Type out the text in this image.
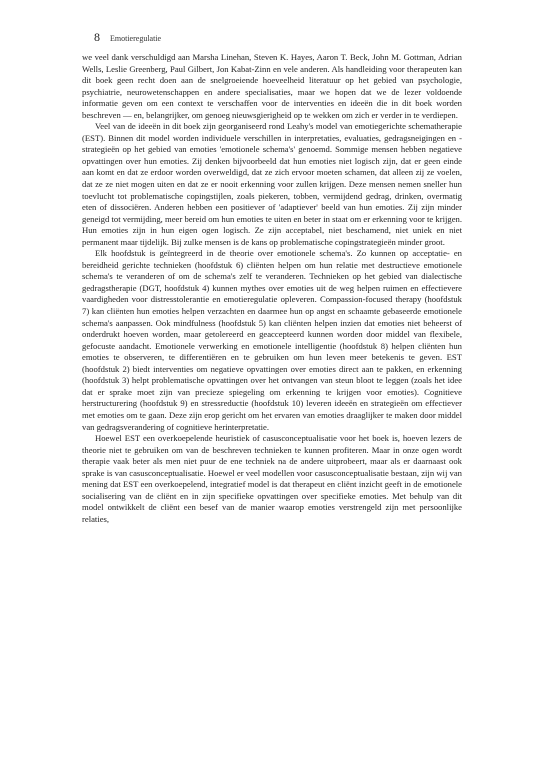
8 Emotieregulatie

we veel dank verschuldigd aan Marsha Linehan, Steven K. Hayes, Aaron T. Beck, John M. Gottman, Adrian Wells, Leslie Greenberg, Paul Gilbert, Jon Kabat-Zinn en vele anderen. Als handleiding voor therapeuten kan dit boek geen recht doen aan de snelgroeiende hoeveelheid literatuur op het gebied van psychologie, psychiatrie, neurowetenschappen en andere specialisaties, maar we hopen dat we de lezer voldoende informatie geven om een context te verschaffen voor de interventies en ideeën die in dit boek worden beschreven — en, belangrijker, om genoeg nieuwsgierigheid op te wekken om zich er verder in te verdiepen.

Veel van de ideeën in dit boek zijn georganiseerd rond Leahy's model van emotiegerichte schematherapie (EST). Binnen dit model worden individuele verschillen in interpretaties, evaluaties, gedragsneigingen en -strategieën op het gebied van emoties 'emotionele schema's' genoemd. Sommige mensen hebben negatieve opvattingen over hun emoties. Zij denken bijvoorbeeld dat hun emoties niet logisch zijn, dat er geen einde aan komt en dat ze erdoor worden overweldigd, dat ze zich ervoor moeten schamen, dat alleen zij ze voelen, dat ze ze niet mogen uiten en dat ze er nooit erkenning voor zullen krijgen. Deze mensen nemen sneller hun toevlucht tot problematische copingstijlen, zoals piekeren, tobben, vermijdend gedrag, drinken, overmatig eten of dissociëren. Anderen hebben een positiever of 'adaptiever' beeld van hun emoties. Zij zijn minder geneigd tot vermijding, meer bereid om hun emoties te uiten en beter in staat om er erkenning voor te krijgen. Hun emoties zijn in hun eigen ogen logisch. Ze zijn acceptabel, niet beschamend, niet uniek en niet permanent maar tijdelijk. Bij zulke mensen is de kans op problematische copingstrategieën minder groot.

Elk hoofdstuk is geïntegreerd in de theorie over emotionele schema's. Zo kunnen op acceptatie- en bereidheid gerichte technieken (hoofdstuk 6) cliënten helpen om hun relatie met destructieve emotionele schema's te veranderen of om de schema's zelf te veranderen. Technieken op het gebied van dialectische gedragstherapie (DGT, hoofdstuk 4) kunnen mythes over emoties uit de weg helpen ruimen en effectievere vaardigheden voor distresstolerantie en emotieregulatie opleveren. Compassion-focused therapy (hoofdstuk 7) kan cliënten hun emoties helpen verzachten en daarmee hun op angst en schaamte gebaseerde emotionele schema's aanpassen. Ook mindfulness (hoofdstuk 5) kan cliënten helpen inzien dat emoties niet beheerst of onderdrukt hoeven worden, maar getolereerd en geaccepteerd kunnen worden door middel van flexibele, gefocuste aandacht. Emotionele verwerking en emotionele intelligentie (hoofdstuk 8) helpen cliënten hun emoties te observeren, te differentiëren en te gebruiken om hun leven meer betekenis te geven. EST (hoofdstuk 2) biedt interventies om negatieve opvattingen over emoties direct aan te pakken, en erkenning (hoofdstuk 3) helpt problematische opvattingen over het ontvangen van steun bloot te leggen (zoals het idee dat er sprake moet zijn van precieze spiegeling om erkenning te krijgen voor emoties). Cognitieve herstructurering (hoofdstuk 9) en stressreductie (hoofdstuk 10) leveren ideeën en strategieën om effectiever met emoties om te gaan. Deze zijn erop gericht om het ervaren van emoties draaglijker te maken door middel van gedragsverandering of cognitieve herinterpretatie.

Hoewel EST een overkoepelende heuristiek of casusconceptualisatie voor het boek is, hoeven lezers de theorie niet te gebruiken om van de beschreven technieken te kunnen profiteren. Maar in onze ogen wordt therapie vaak beter als men niet puur de ene techniek na de andere uitprobeert, maar als er daarnaast ook sprake is van casusconceptualisatie. Hoewel er veel modellen voor casusconceptualisatie bestaan, zijn wij van mening dat EST een overkoepelend, integratief model is dat therapeut en cliënt inzicht geeft in de emotionele socialisering van de cliënt en in zijn specifieke opvattingen over specifieke emoties. Met behulp van dit model ontwikkelt de cliënt een besef van de manier waarop emoties verstrengeld zijn met persoonlijke relaties,
